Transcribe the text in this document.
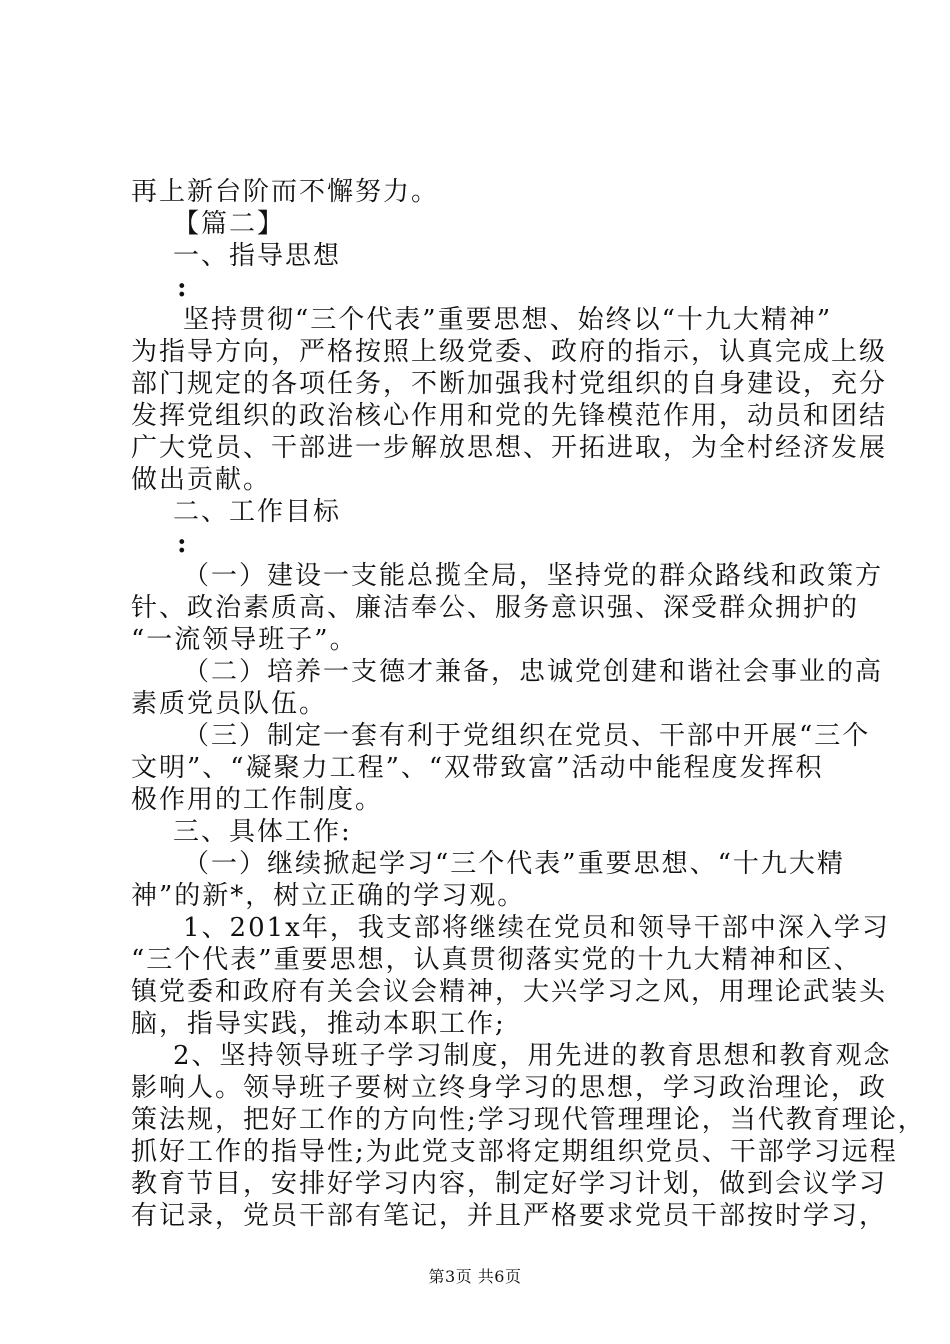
再上新台阶而不懈努力。
【篇二】
一、指导思想
:
坚持贯彻“三个代表”重要思想、始终以“十九大精神”
为指导方向，严格按照上级党委、政府的指示，认真完成上级
部门规定的各项任务，不断加强我村党组织的自身建设，充分
发挥党组织的政治核心作用和党的先锋模范作用，动员和团结
广大党员、干部进一步解放思想、开拓进取，为全村经济发展
做出贡献。
二、工作目标
:
（一）建设一支能总揽全局，坚持党的群众路线和政策方
针、政治素质高、廉洁奉公、服务意识强、深受群众拥护的
“一流领导班子”。
（二）培养一支德才兼备，忠诚党创建和谐社会事业的高
素质党员队伍。
（三）制定一套有利于党组织在党员、干部中开展“三个
文明”、“凝聚力工程”、“双带致富”活动中能程度发挥积
极作用的工作制度。
三、具体工作:
（一）继续掀起学习“三个代表”重要思想、“十九大精
神”的新*，树立正确的学习观。
1、201x年，我支部将继续在党员和领导干部中深入学习
“三个代表”重要思想，认真贯彻落实党的十九大精神和区、
镇党委和政府有关会议会精神，大兴学习之风，用理论武装头
脑，指导实践，推动本职工作;
2、坚持领导班子学习制度，用先进的教育思想和教育观念
影响人。领导班子要树立终身学习的思想，学习政治理论，政
策法规，把好工作的方向性;学习现代管理理论，当代教育理论，
抓好工作的指导性;为此党支部将定期组织党员、干部学习远程
教育节目，安排好学习内容，制定好学习计划，做到会议学习
有记录，党员干部有笔记，并且严格要求党员干部按时学习，
第3页 共6页
